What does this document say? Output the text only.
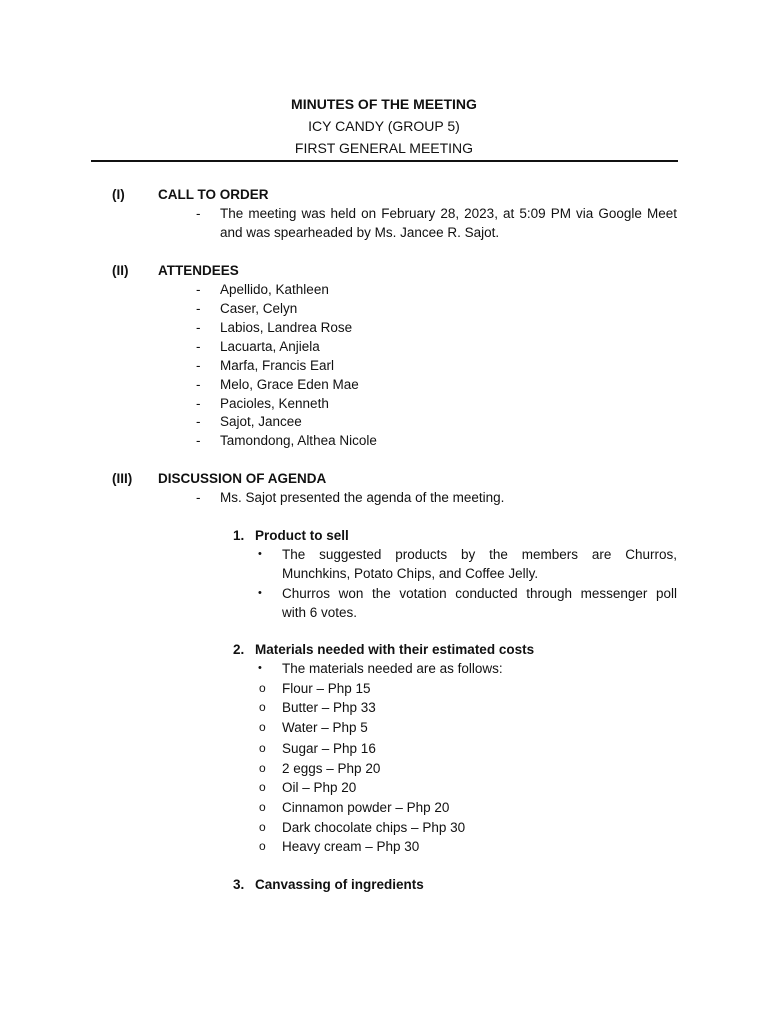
MINUTES OF THE MEETING
ICY CANDY (GROUP 5)
FIRST GENERAL MEETING
(I) CALL TO ORDER
- The meeting was held on February 28, 2023, at 5:09 PM via Google Meet
and was spearheaded by Ms. Jancee R. Sajot.
(II) ATTENDEES
- Apellido, Kathleen
- Caser, Celyn
- Labios, Landrea Rose
- Lacuarta, Anjiela
- Marfa, Francis Earl
- Melo, Grace Eden Mae
- Pacioles, Kenneth
- Sajot, Jancee
- Tamondong, Althea Nicole
(III) DISCUSSION OF AGENDA
- Ms. Sajot presented the agenda of the meeting.
1. Product to sell
• The suggested products by the members are Churros,
Munchkins, Potato Chips, and Coffee Jelly.
• Churros won the votation conducted through messenger poll
with 6 votes.
2. Materials needed with their estimated costs
• The materials needed are as follows:
o Flour – Php 15
o Butter – Php 33
o Water – Php 5
o Sugar – Php 16
o 2 eggs – Php 20
o Oil – Php 20
o Cinnamon powder – Php 20
o Dark chocolate chips – Php 30
o Heavy cream – Php 30
3. Canvassing of ingredients
